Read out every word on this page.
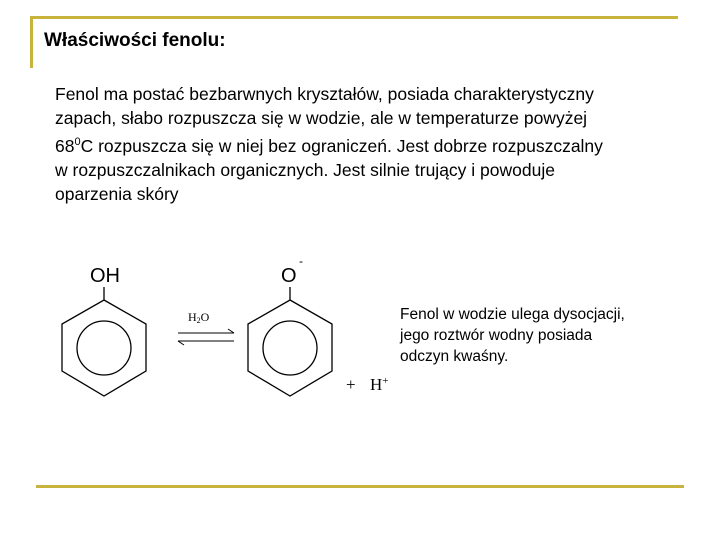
Właściwości fenolu:

Fenol ma postać bezbarwnych kryształów, posiada charakterystyczny
zapach, słabo rozpuszcza się w wodzie, ale w temperaturze powyżej
$68^0C$ rozpuszcza się w niej bez ograniczeń. Jest dobrze rozpuszczalny
w rozpuszczalnikach organicznych. Jest silnie trujący i powoduje
oparzenia skóry

OH
H2O
O
-
+ H+

Fenol w wodzie ulega dysocjacji,
jego roztwór wodny posiada
odczyn kwaśny.
